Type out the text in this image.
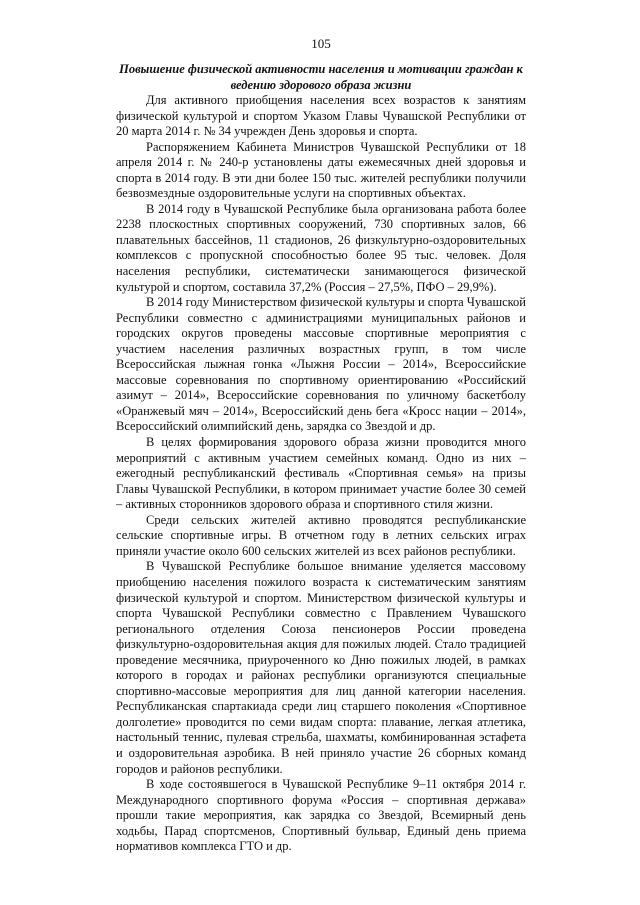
105
Повышение физической активности населения и мотивации граждан к ведению здорового образа жизни

Для активного приобщения населения всех возрастов к занятиям физической культурой и спортом Указом Главы Чувашской Республики от 20 марта 2014 г. № 34 учрежден День здоровья и спорта.

Распоряжением Кабинета Министров Чувашской Республики от 18 апреля 2014 г. № 240-р установлены даты ежемесячных дней здоровья и спорта в 2014 году. В эти дни более 150 тыс. жителей республики получили безвозмездные оздоровительные услуги на спортивных объектах.

В 2014 году в Чувашской Республике была организована работа более 2238 плоскостных спортивных сооружений, 730 спортивных залов, 66 плавательных бассейнов, 11 стадионов, 26 физкультурно-оздоровительных комплексов с пропускной способностью более 95 тыс. человек. Доля населения республики, систематически занимающегося физической культурой и спортом, составила 37,2% (Россия – 27,5%, ПФО – 29,9%).

В 2014 году Министерством физической культуры и спорта Чувашской Республики совместно с администрациями муниципальных районов и городских округов проведены массовые спортивные мероприятия с участием населения различных возрастных групп, в том числе Всероссийская лыжная гонка «Лыжня России – 2014», Всероссийские массовые соревнования по спортивному ориентированию «Российский азимут – 2014», Всероссийские соревнования по уличному баскетболу «Оранжевый мяч – 2014», Всероссийский день бега «Кросс нации – 2014», Всероссийский олимпийский день, зарядка со Звездой и др.

В целях формирования здорового образа жизни проводится много мероприятий с активным участием семейных команд. Одно из них – ежегодный республиканский фестиваль «Спортивная семья» на призы Главы Чувашской Республики, в котором принимает участие более 30 семей – активных сторонников здорового образа и спортивного стиля жизни.

Среди сельских жителей активно проводятся республиканские сельские спортивные игры. В отчетном году в летних сельских играх приняли участие около 600 сельских жителей из всех районов республики.

В Чувашской Республике большое внимание уделяется массовому приобщению населения пожилого возраста к систематическим занятиям физической культурой и спортом. Министерством физической культуры и спорта Чувашской Республики совместно с Правлением Чувашского регионального отделения Союза пенсионеров России проведена физкультурно-оздоровительная акция для пожилых людей. Стало традицией проведение месячника, приуроченного ко Дню пожилых людей, в рамках которого в городах и районах республики организуются специальные спортивно-массовые мероприятия для лиц данной категории населения. Республиканская спартакиада среди лиц старшего поколения «Спортивное долголетие» проводится по семи видам спорта: плавание, легкая атлетика, настольный теннис, пулевая стрельба, шахматы, комбинированная эстафета и оздоровительная аэробика. В ней приняло участие 26 сборных команд городов и районов республики.

В ходе состоявшегося в Чувашской Республике 9–11 октября 2014 г. Международного спортивного форума «Россия – спортивная держава» прошли такие мероприятия, как зарядка со Звездой, Всемирный день ходьбы, Парад спортсменов, Спортивный бульвар, Единый день приема нормативов комплекса ГТО и др.
